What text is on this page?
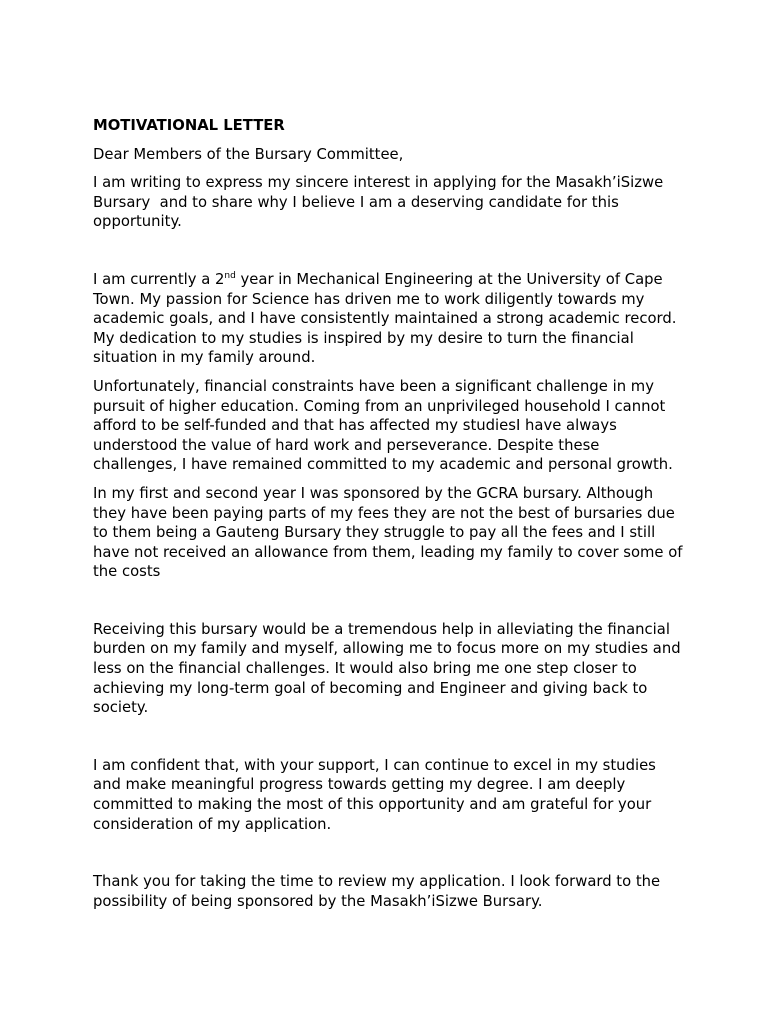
MOTIVATIONAL LETTER
Dear Members of the Bursary Committee,
I am writing to express my sincere interest in applying for the Masakh’iSizwe Bursary  and to share why I believe I am a deserving candidate for this opportunity.
I am currently a 2nd year in Mechanical Engineering at the University of Cape Town. My passion for Science has driven me to work diligently towards my academic goals, and I have consistently maintained a strong academic record. My dedication to my studies is inspired by my desire to turn the financial situation in my family around.
Unfortunately, financial constraints have been a significant challenge in my pursuit of higher education. Coming from an unprivileged household I cannot afford to be self-funded and that has affected my studiesI have always understood the value of hard work and perseverance. Despite these challenges, I have remained committed to my academic and personal growth.
In my first and second year I was sponsored by the GCRA bursary. Although they have been paying parts of my fees they are not the best of bursaries due to them being a Gauteng Bursary they struggle to pay all the fees and I still have not received an allowance from them, leading my family to cover some of the costs
Receiving this bursary would be a tremendous help in alleviating the financial burden on my family and myself, allowing me to focus more on my studies and less on the financial challenges. It would also bring me one step closer to achieving my long-term goal of becoming and Engineer and giving back to society.
I am confident that, with your support, I can continue to excel in my studies and make meaningful progress towards getting my degree. I am deeply committed to making the most of this opportunity and am grateful for your consideration of my application.
Thank you for taking the time to review my application. I look forward to the possibility of being sponsored by the Masakh’iSizwe Bursary.
